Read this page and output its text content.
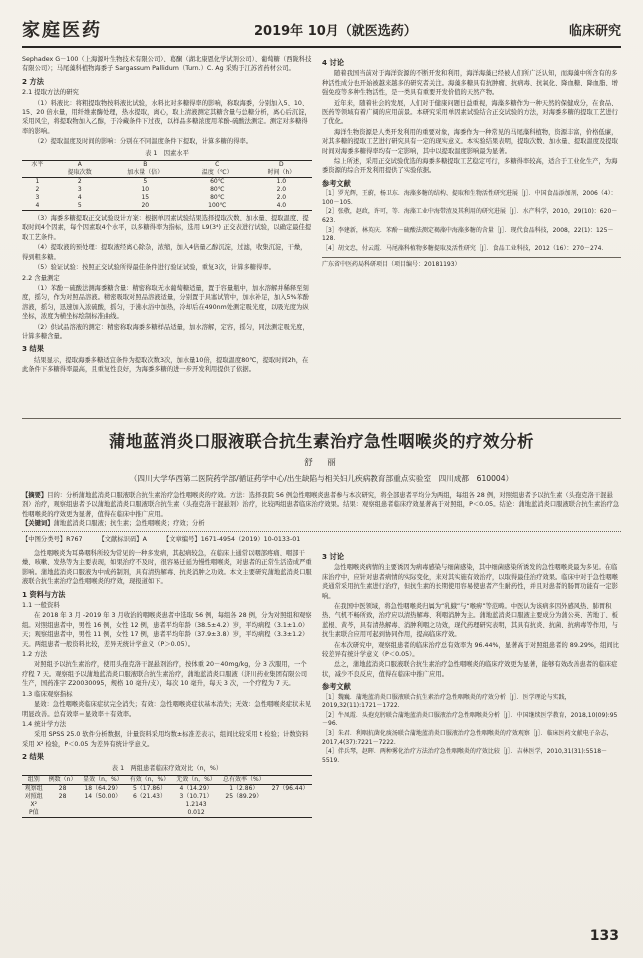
家庭医药	2019年 10月（就医选药）	临床研究

Sephadex G－100（上海源叶生物技术有限公司）、葛酮（湖北康恩化学试剂公司）、葡萄糖（西陇科技有限公司）；马尾藻科植物海黍子 Sargassum Pallidum（Turn.）C. Ag 采购于江苏省药材公司。

2 方法
2.1 提取方法的研究

（1）料液比：将粗提取物按料液比试验，水料比对多糖得率的影响，称取海黍，分别加入5、10、15、20 倍水量，用纤维素酶处理，热水提取，离心，取上清液测定其糖含量与总糖分析，离心后沉淀，采用风尘，将提取物加入乙醇，于冷藏条件下过夜，以样品多糖浓度用苯酚-硫酸法测定。测定对多糖得率的影响。

（2）提取温度及时间的影响：分别在不同温度条件下提取，计算多糖的得率。

表 1　因素水平
水平	A	B	C	D
	提取次数	加水量（倍）	温度（℃）	时间（h）
1	2	5	60℃	1.0
2	3	10	80℃	2.0
3	4	15	80℃	2.0
4	5	20	100℃	4.0

（3）海黍多糖提取正交试验设计方案：根据单因素试验结果选择提取次数、加水量、提取温度、提取时间4个因素，每个因素取4个水平，以多糖得率为指标，选用 L9(3⁴) 正交表进行试验，以确定最佳提取工艺条件。

（4）提取液的预处理：提取液经离心除杂，浓缩，加入4倍量乙醇沉淀，过滤，收集沉淀，干燥，得到粗多糖。

（5）验证试验：按照正交试验所得最佳条件进行验证试验，重复3次，计算多糖得率。

2.2 含量测定

（1）苯酚－硫酸法测海黍糖含量：精密称取无水葡萄糖适量，置于容量瓶中，加水溶解并稀释至刻度，摇匀，作为对照品溶液。精密吸取对照品溶液适量，分别置于具塞试管中，加水补足，加入5%苯酚溶液，摇匀，迅速加入浓硫酸，摇匀，于沸水浴中加热，冷却后在490nm处测定吸光度，以吸光度为纵坐标，浓度为横坐标绘制标准曲线。

（2）供试品溶液的测定：精密称取海黍多糖样品适量，加水溶解，定容，摇匀，同法测定吸光度，计算多糖含量。

3 结果

结果显示，提取海黍多糖适宜条件为提取次数3次，加水量10倍，提取温度80℃，提取时间2h，在此条件下多糖得率最高，且重复性良好，为海黍多糖的进一步开发利用提供了依据。

4 讨论

随着我国当前对于海洋资源的不断开发和利用，海洋海藻已经被人们所广泛认知，而海藻中所含有的多种活性成分也开始被越来越多的研究者关注。海藻多糖具有抗肿瘤、抗病毒、抗氧化、降血糖、降血脂、增强免疫等多种生物活性，是一类具有重要开发价值的天然产物。

近年来，随着社会的发展，人们对于健康问题日益重视，海藻多糖作为一种天然的保健成分，在食品、医药等领域有着广阔的应用前景。本研究采用单因素试验结合正交试验的方法，对海黍多糖的提取工艺进行了优化。

海洋生物资源是人类开发利用的重要对象，海黍作为一种常见的马尾藻科植物，资源丰富，价格低廉，对其多糖的提取工艺进行研究具有一定的现实意义。本实验结果表明，提取次数、加水量、提取温度及提取时间对海黍多糖得率均有一定影响，其中以提取温度影响最为显著。

综上所述，采用正交试验优选的海黍多糖提取工艺稳定可行，多糖得率较高，适合于工业化生产，为海黍资源的综合开发利用提供了实验依据。

参考文献

［1］罗光辉，王蔚，杨卫东．海藻多糖的结构、提取和生物活性研究进展［J］．中国食品添加剂，2006（4）：100－105．

［2］张敬，赵政，许可，等．海藻工业中海带渣及其利用的研究进展［J］．水产科学，2010，29(10)：620－623．

［3］李建新，林英庆．苯酚－硫酸法测定褐藻中海藻多糖的含量［J］．现代食品科技，2008，22(1)：125－128．

［4］胡文忠，付云霞．马尾藻科植物多糖提取及活性研究［J］．食品工业科技，2012（16）：270－274．

广东省中医药局科研项目（项目编号：20181193）
蒲地蓝消炎口服液联合抗生素治疗急性咽喉炎的疗效分析
舒　丽
（四川大学华西第二医院药学部/循证药学中心/出生缺陷与相关妇儿疾病教育部重点实验室　四川成都　610004）
【摘要】目的：分析蒲地蓝消炎口服液联合抗生素治疗急性咽喉炎的疗效。方法：选择我院 56 例急性咽喉炎患者参与本次研究，将全部患者平均分为两组，每组各 28 例，对照组患者予以抗生素（头孢克洛干混悬剂）治疗，观察组患者予以蒲地蓝消炎口服液联合抗生素（头孢克洛干混悬剂）治疗，比较两组患者临床治疗效果。结果：观察组患者临床疗效显著高于对照组，P＜0.05。结论：蒲地蓝消炎口服液联合抗生素治疗急性咽喉炎的疗效更为显著，值得在临床中推广应用。
【关键词】蒲地蓝消炎口服液；抗生素；急性咽喉炎；疗效；分析
【中图分类号】R767	【文献标识码】A	【文章编号】1671-4954（2019）10-0133-01

急性咽喉炎为耳鼻咽科所较为常见的一种多发病，其起病较急，在临床上通常以咽部疼痛、咽部干燥、咳嗽、发热等为主要表现，如果治疗不及时，很容易迁延为慢性咽喉炎，对患者的正常生活造成严重影响。蒲地蓝消炎口服液为中成药制剂，具有清热解毒、抗炎消肿之功效。本文主要研究蒲地蓝消炎口服液联合抗生素治疗急性咽喉炎的疗效，现报道如下。

1 资料与方法
1.1 一般资料

在 2018 年 3 月 -2019 年 3 月收治的咽喉炎患者中选取 56 例，每组各 28 例，分为对照组和观察组。对照组患者中，男性 16 例，女性 12 例，患者平均年龄（38.5±4.2）岁，平均病程（3.1±1.0）天；观察组患者中，男性 11 例，女性 17 例，患者平均年龄（37.9±3.8）岁，平均病程（3.3±1.2）天。两组患者一般资料比较，差异无统计学意义（P＞0.05）。

1.2 方法

对照组予以抗生素治疗，使用头孢克洛干混悬剂治疗，按体重 20－40mg/kg，分 3 次服用，一个疗程 7 天。观察组予以蒲地蓝消炎口服液联合抗生素治疗，蒲地蓝消炎口服液（济川药业集团有限公司生产，国药准字 Z20030095，规格 10 毫升/支），每次 10 毫升，每天 3 次，一个疗程为 7 天。

1.3 临床观察指标

显效：急性咽喉炎临床症状完全消失；有效：急性咽喉炎症状基本消失；无效：急性咽喉炎症状未见明显改善。总有效率＝显效率＋有效率。

1.4 统计学方法

采用 SPSS 25.0 软件分析数据，计量资料采用均数±标准差表示，组间比较采用 t 检验；计数资料采用 X² 检验，P＜0.05 为差异有统计学意义。

2 结果
表 1　两组患者临床疗效对比（n，%）
组别	例数（n）	显效（n，%）	有效（n，%）	无效（n，%）	总有效率（%）	
观察组	28	18（64.29）	5（17.86）	4（14.29）	1（2.86）	27（96.44）
对照组	28	14（50.00）	6（21.43）	3（10.71）	25（89.29）	
X²				1.2143		
P值				0.012		
3 讨论

急性咽喉炎病情的主要诱因为病毒感染与细菌感染，其中细菌感染所诱发的急性咽喉炎最为多见。在临床治疗中，应针对患者病情的实际变化，来对其实施有效治疗，以取得最佳治疗效果。临床中对于急性咽喉炎通常采用抗生素进行治疗，但抗生素的长期使用容易使患者产生耐药性，并且对患者的肠胃功能有一定影响。

在我国中医领域，将急性咽喉炎归属为“乳蛾”与“喉痹”等范畴。中医认为该病多因外感风热、肺胃积热、气机不畅所致，治疗应以清热解毒、利咽消肿为主。蒲地蓝消炎口服液主要成分为蒲公英、苦地丁、板蓝根、黄芩，具有清热解毒、消肿利咽之功效，现代药理研究表明，其具有抗炎、抗菌、抗病毒等作用，与抗生素联合应用可起到协同作用，提高临床疗效。

在本次研究中，观察组患者的临床治疗总有效率为 96.44%，显著高于对照组患者的 89.29%，组间比较差异有统计学意义（P＜0.05）。

总之，蒲地蓝消炎口服液联合抗生素治疗急性咽喉炎的临床疗效更为显著，能够有效改善患者的临床症状，减少不良反应，值得在临床中推广应用。

参考文献

［1］魏巍．蒲地蓝消炎口服液联合抗生素治疗急性咽喉炎的疗效分析［J］．医学理论与实践，2019,32(11):1721－1722.

［2］牛凤霞．头孢克肟联合蒲地蓝消炎口服液治疗急性咽喉炎分析［J］．中国继续医学教育，2018,10(09):95－96.

［3］朱君．利咽抗菌化痰汤联合蒲地蓝消炎口服液治疗急性咽喉炎的疗效观察［J］．临床医药文献电子杂志，2017,4(37):7221－7222.

［4］伴兵琴，赵晖．两种雾化治疗方法治疗急性咽喉炎的疗效比较［J］．吉林医学，2010,31(31):5518－5519.

133
